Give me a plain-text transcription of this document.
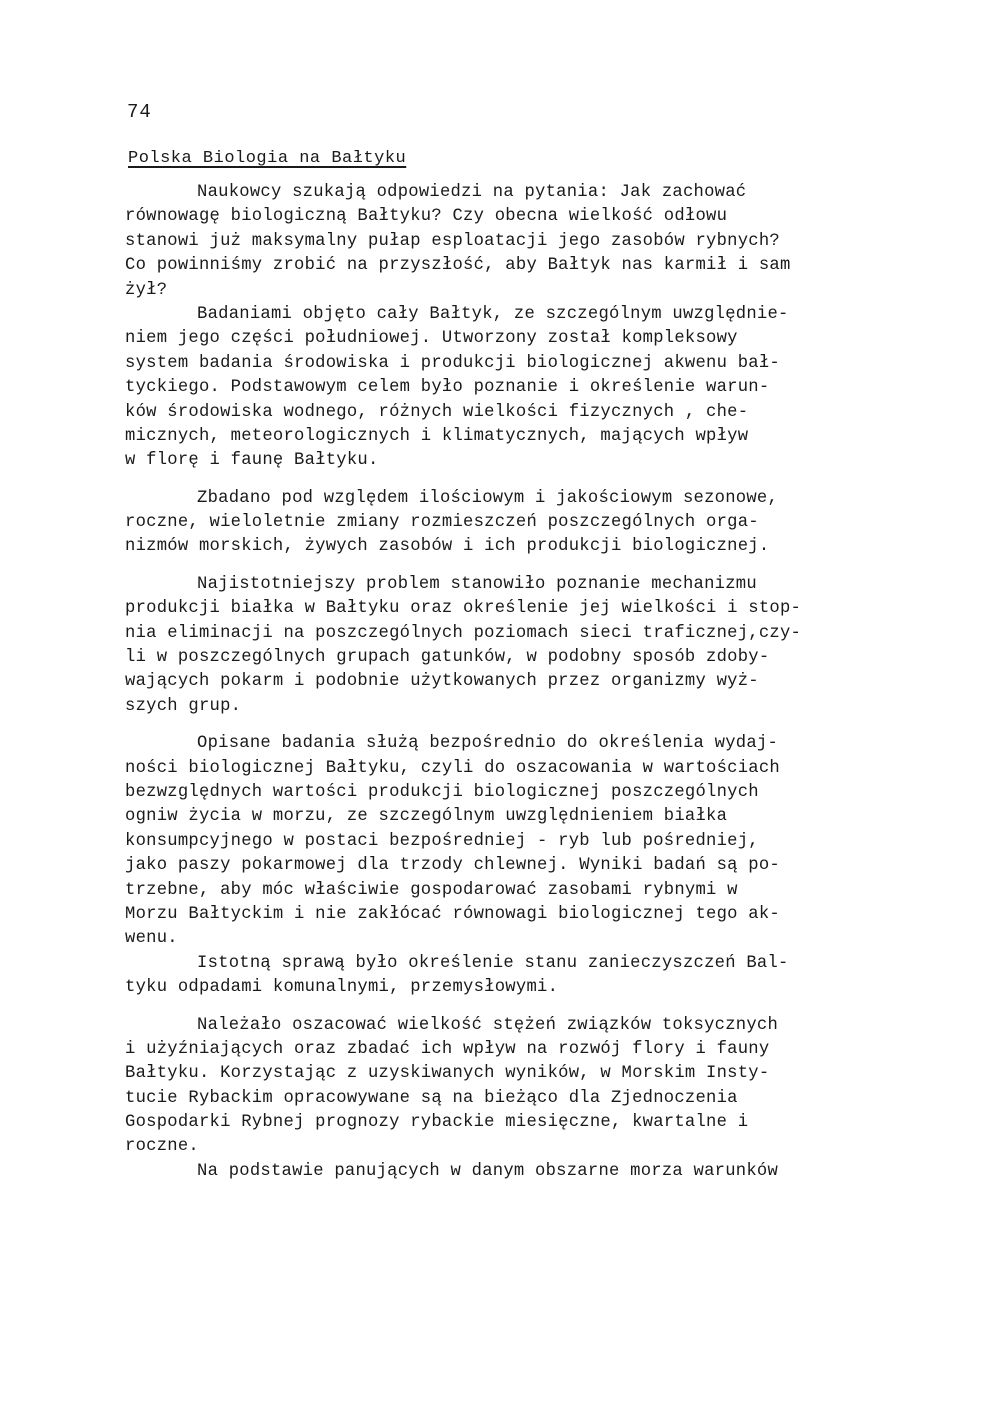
74
Polska Biologia na Bałtyku
Naukowcy szukają odpowiedzi na pytania: Jak zachować
równowagę biologiczną Bałtyku? Czy obecna wielkość odłowu
stanowi już maksymalny pułap esploatacji jego zasobów rybnych?
Co powinniśmy zrobić na przyszłość, aby Bałtyk nas karmił i sam
żył?
Badaniami objęto cały Bałtyk, ze szczególnym uwzględnie-
niem jego części południowej. Utworzony został kompleksowy
system badania środowiska i produkcji biologicznej akwenu bał-
tyckiego. Podstawowym celem było poznanie i określenie warun-
ków środowiska wodnego, różnych wielkości fizycznych , che-
micznych, meteorologicznych i klimatycznych, mających wpływ
w florę i faunę Bałtyku.
Zbadano pod względem ilościowym i jakościowym sezonowe,
roczne, wieloletnie zmiany rozmieszczeń poszczególnych orga-
nizmów morskich, żywych zasobów i ich produkcji biologicznej.
Najistotniejszy problem stanowiło poznanie mechanizmu
produkcji białka w Bałtyku oraz określenie jej wielkości i stop-
nia eliminacji na poszczególnych poziomach sieci traficznej,czy-
li w poszczególnych grupach gatunków, w podobny sposób zdoby-
wających pokarm i podobnie użytkowanych przez organizmy wyż-
szych grup.
Opisane badania służą bezpośrednio do określenia wydaj-
ności biologicznej Bałtyku, czyli do oszacowania w wartościach
bezwzględnych wartości produkcji biologicznej poszczególnych
ogniw życia w morzu, ze szczególnym uwzględnieniem białka
konsumpcyjnego w postaci bezpośredniej - ryb lub pośredniej,
jako paszy pokarmowej dla trzody chlewnej. Wyniki badań są po-
trzebne, aby móc właściwie gospodarować zasobami rybnymi w
Morzu Bałtyckim i nie zakłócać równowagi biologicznej tego ak-
wenu.
Istotną sprawą było określenie stanu zanieczyszczeń Bal-
tyku odpadami komunalnymi, przemysłowymi.
Należało oszacować wielkość stężeń związków toksycznych
i użyźniających oraz zbadać ich wpływ na rozwój flory i fauny
Bałtyku. Korzystając z uzyskiwanych wyników, w Morskim Insty-
tucie Rybackim opracowywane są na bieżąco dla Zjednoczenia
Gospodarki Rybnej prognozy rybackie miesięczne, kwartalne i
roczne.
Na podstawie panujących w danym obszarne morza warunków
